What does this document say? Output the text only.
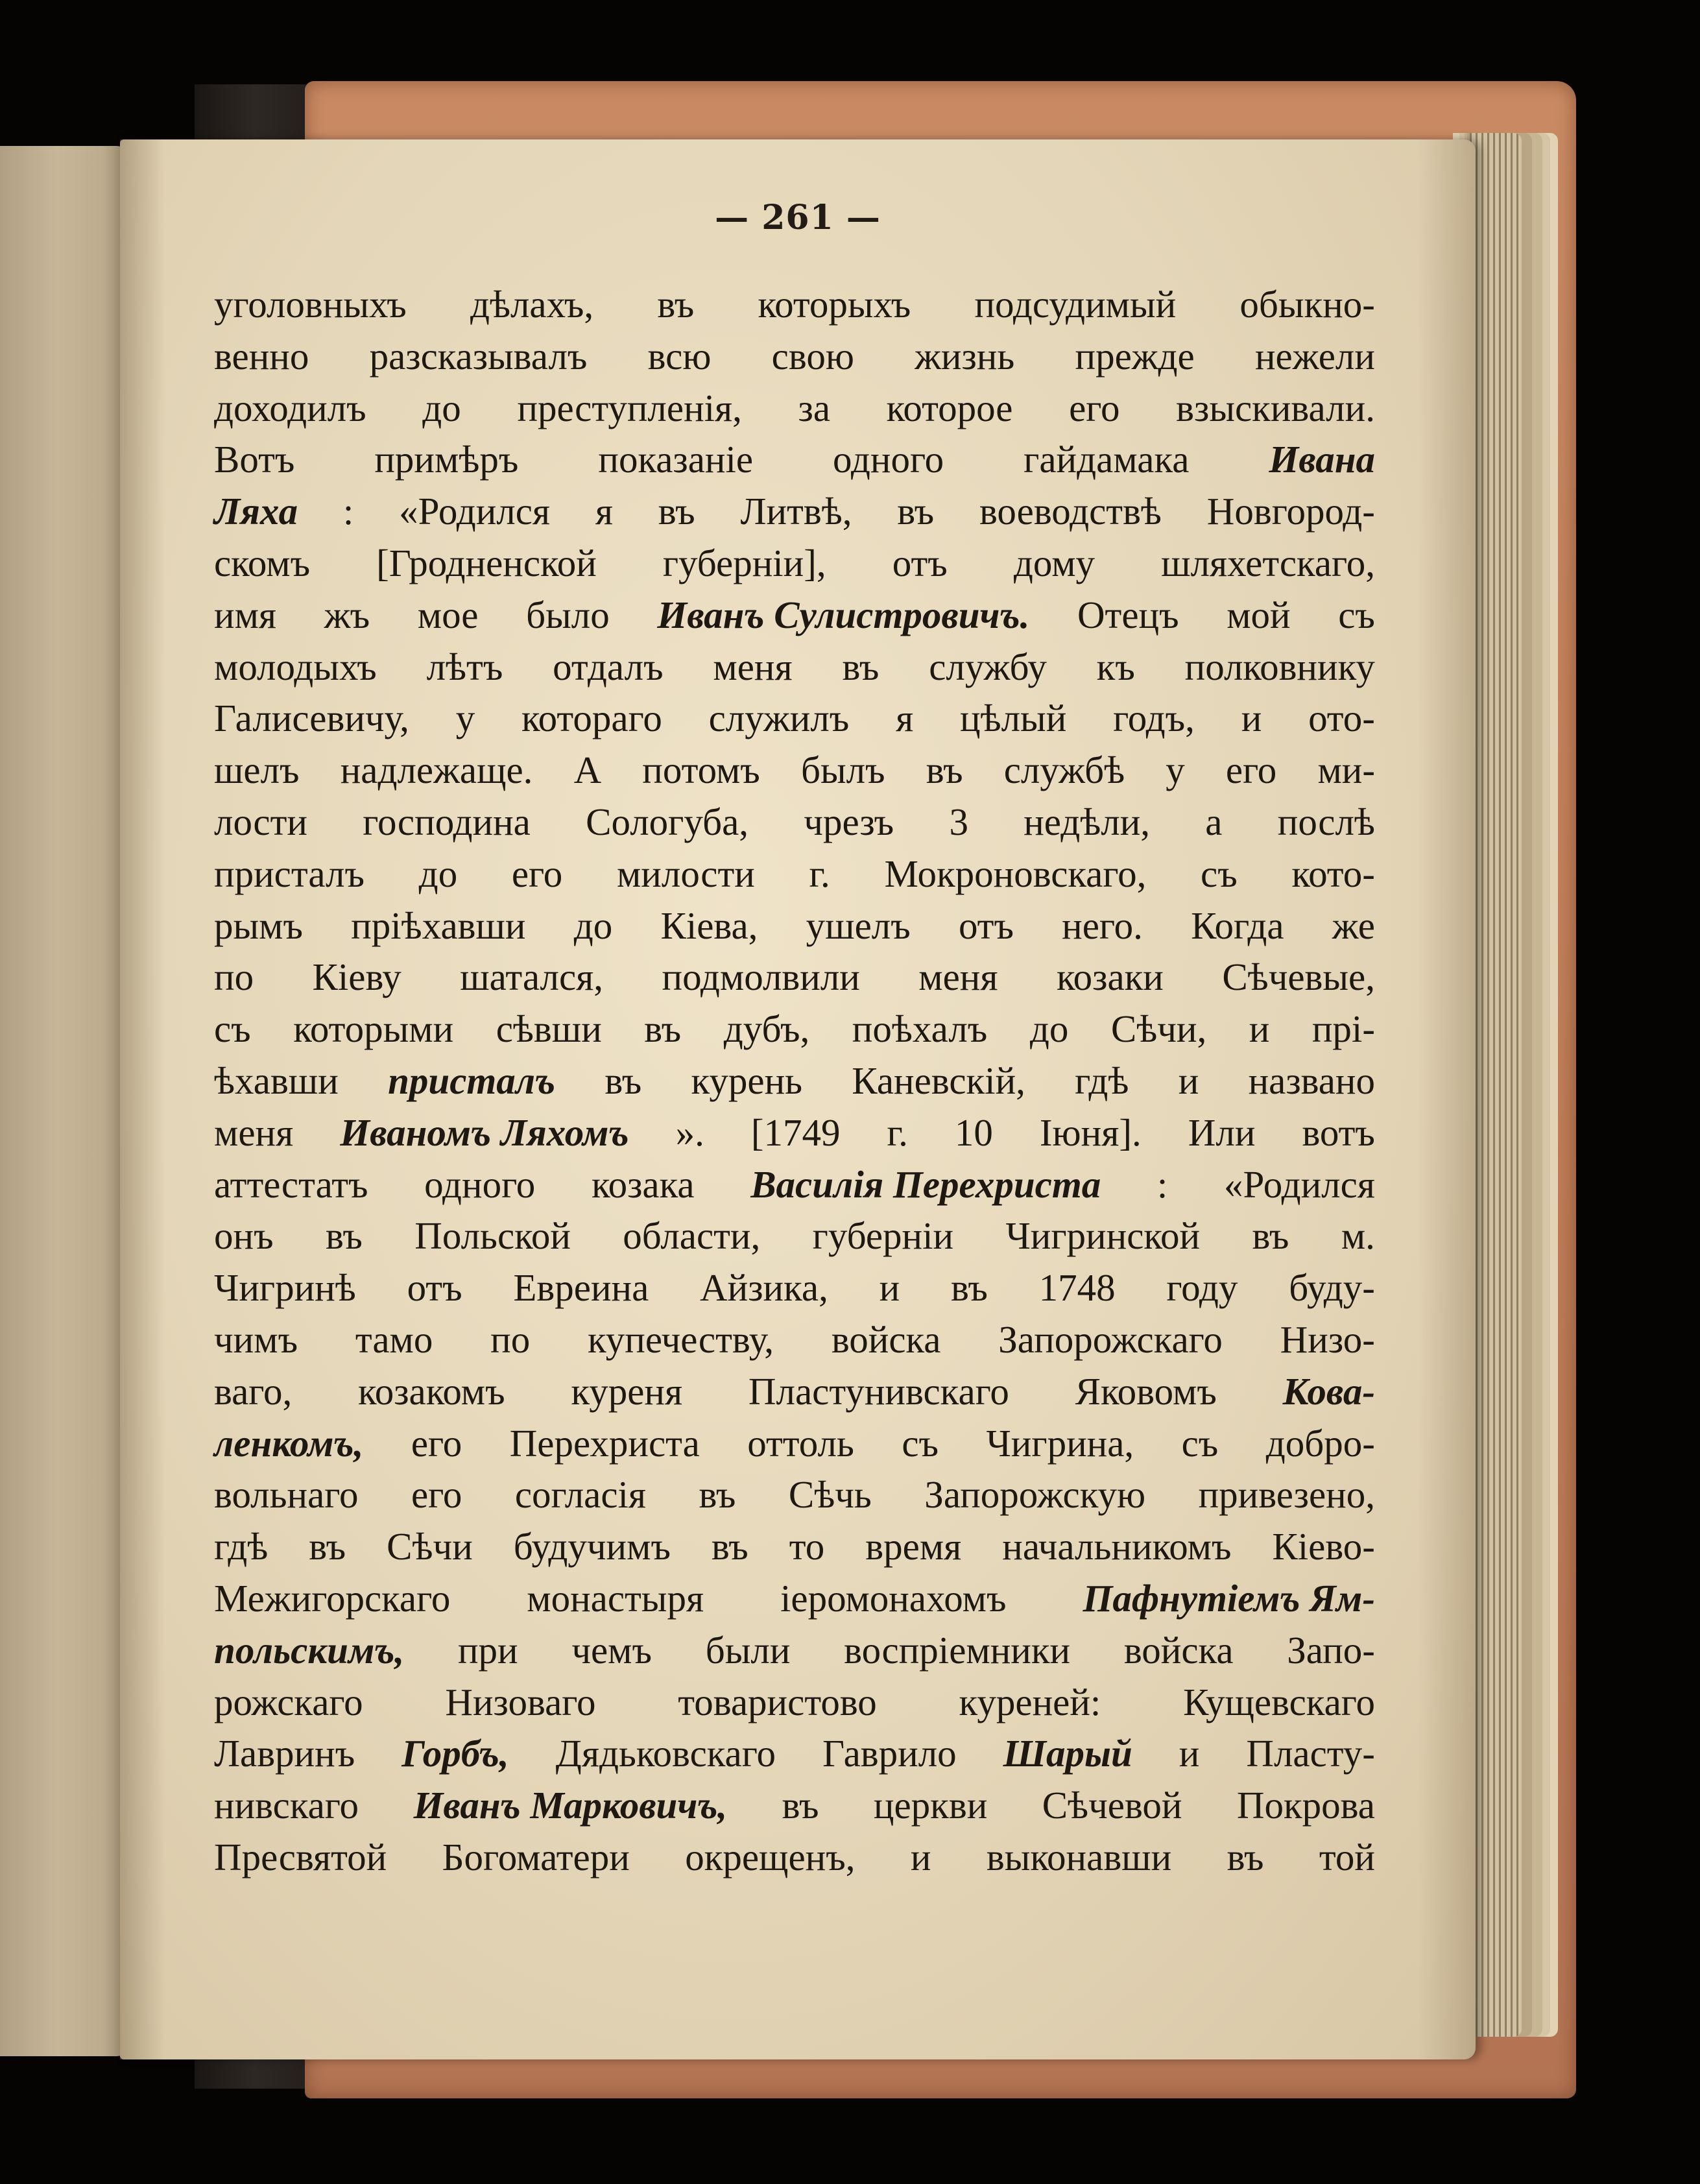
— 261 —
уголовныхъ дѣлахъ, въ которыхъ подсудимый обыкно-
венно разсказывалъ всю свою жизнь прежде нежели
доходилъ до преступленія, за которое его взыскивали.
Вотъ примѣръ показаніе одного гайдамака Ивана
Ляха : «Родился я въ Литвѣ, въ воеводствѣ Новгород-
скомъ [Гродненской губерніи], отъ дому шляхетскаго,
имя жъ мое было Иванъ Сулистровичъ. Отецъ мой съ
молодыхъ лѣтъ отдалъ меня въ службу къ полковнику
Галисевичу, у котораго служилъ я цѣлый годъ, и ото-
шелъ надлежаще. А потомъ былъ въ службѣ у его ми-
лости господина Сологуба, чрезъ 3 недѣли, а послѣ
присталъ до его милости г. Мокроновскаго, съ кото-
рымъ пріѣхавши до Кіева, ушелъ отъ него. Когда же
по Кіеву шатался, подмолвили меня козаки Сѣчевые,
съ которыми сѣвши въ дубъ, поѣхалъ до Сѣчи, и прі-
ѣхавши присталъ въ курень Каневскій, гдѣ и названо
меня Иваномъ Ляхомъ ». [1749 г. 10 Іюня]. Или вотъ
аттестатъ одного козака Василія Перехриста : «Родился
онъ въ Польской области, губерніи Чигринской въ м.
Чигринѣ отъ Евреина Айзика, и въ 1748 году буду-
чимъ тамо по купечеству, войска Запорожскаго Низо-
ваго, козакомъ куреня Пластунивскаго Яковомъ Кова-
ленкомъ, его Перехриста оттоль съ Чигрина, съ добро-
вольнаго его согласія въ Сѣчь Запорожскую привезено,
гдѣ въ Сѣчи будучимъ въ то время начальникомъ Кіево-
Межигорскаго монастыря іеромонахомъ Пафнутіемъ Ям-
польскимъ, при чемъ были воспріемники войска Запо-
рожскаго Низоваго товаристово куреней: Кущевскаго
Лавринъ Горбъ, Дядьковскаго Гаврило Шарый и Пласту-
нивскаго Иванъ Марковичъ, въ церкви Сѣчевой Покрова
Пресвятой Богоматери окрещенъ, и выконавши въ той
